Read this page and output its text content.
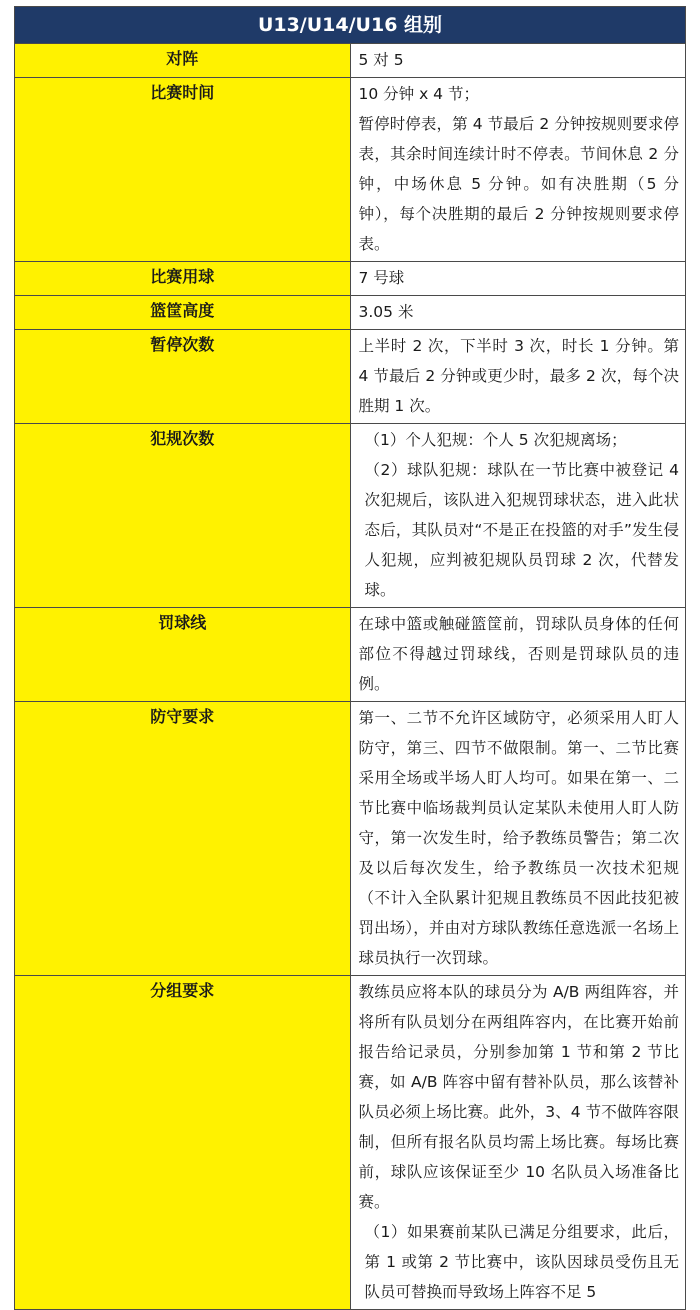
U13/U14/U16 组别	
对阵	5 对 5

比赛时间	10 分钟 x 4 节；

暂停时停表，第 4 节最后 2 分钟按规则要求停表，其余时间连续计时不停表。节间休息 2 分钟，中场休息 5 分钟。如有决胜期（5 分钟），每个决胜期的最后 2 分钟按规则要求停表。

比赛用球	7 号球

篮筐高度	3.05 米

暂停次数	上半时 2 次，下半时 3 次，时长 1 分钟。第 4 节最后 2 分钟或更少时，最多 2 次，每个决胜期 1 次。

犯规次数	（1）个人犯规：个人 5 次犯规离场；

（2）球队犯规：球队在一节比赛中被登记 4 次犯规后，该队进入犯规罚球状态，进入此状态后，其队员对“不是正在投篮的对手”发生侵人犯规，应判被犯规队员罚球 2 次，代替发球。

罚球线	在球中篮或触碰篮筐前，罚球队员身体的任何部位不得越过罚球线，否则是罚球队员的违例。

防守要求	第一、二节不允许区域防守，必须采用人盯人防守，第三、四节不做限制。第一、二节比赛采用全场或半场人盯人均可。如果在第一、二节比赛中临场裁判员认定某队未使用人盯人防守，第一次发生时，给予教练员警告；第二次及以后每次发生，给予教练员一次技术犯规（不计入全队累计犯规且教练员不因此技犯被罚出场），并由对方球队教练任意选派一名场上球员执行一次罚球。

分组要求	教练员应将本队的球员分为 A/B 两组阵容，并将所有队员划分在两组阵容内，在比赛开始前报告给记录员，分别参加第 1 节和第 2 节比赛，如 A/B 阵容中留有替补队员，那么该替补队员必须上场比赛。此外，3、4 节不做阵容限制，但所有报名队员均需上场比赛。每场比赛前，球队应该保证至少 10 名队员入场准备比赛。

（1）如果赛前某队已满足分组要求，此后，第 1 或第 2 节比赛中，该队因球员受伤且无队员可替换而导致场上阵容不足 5
